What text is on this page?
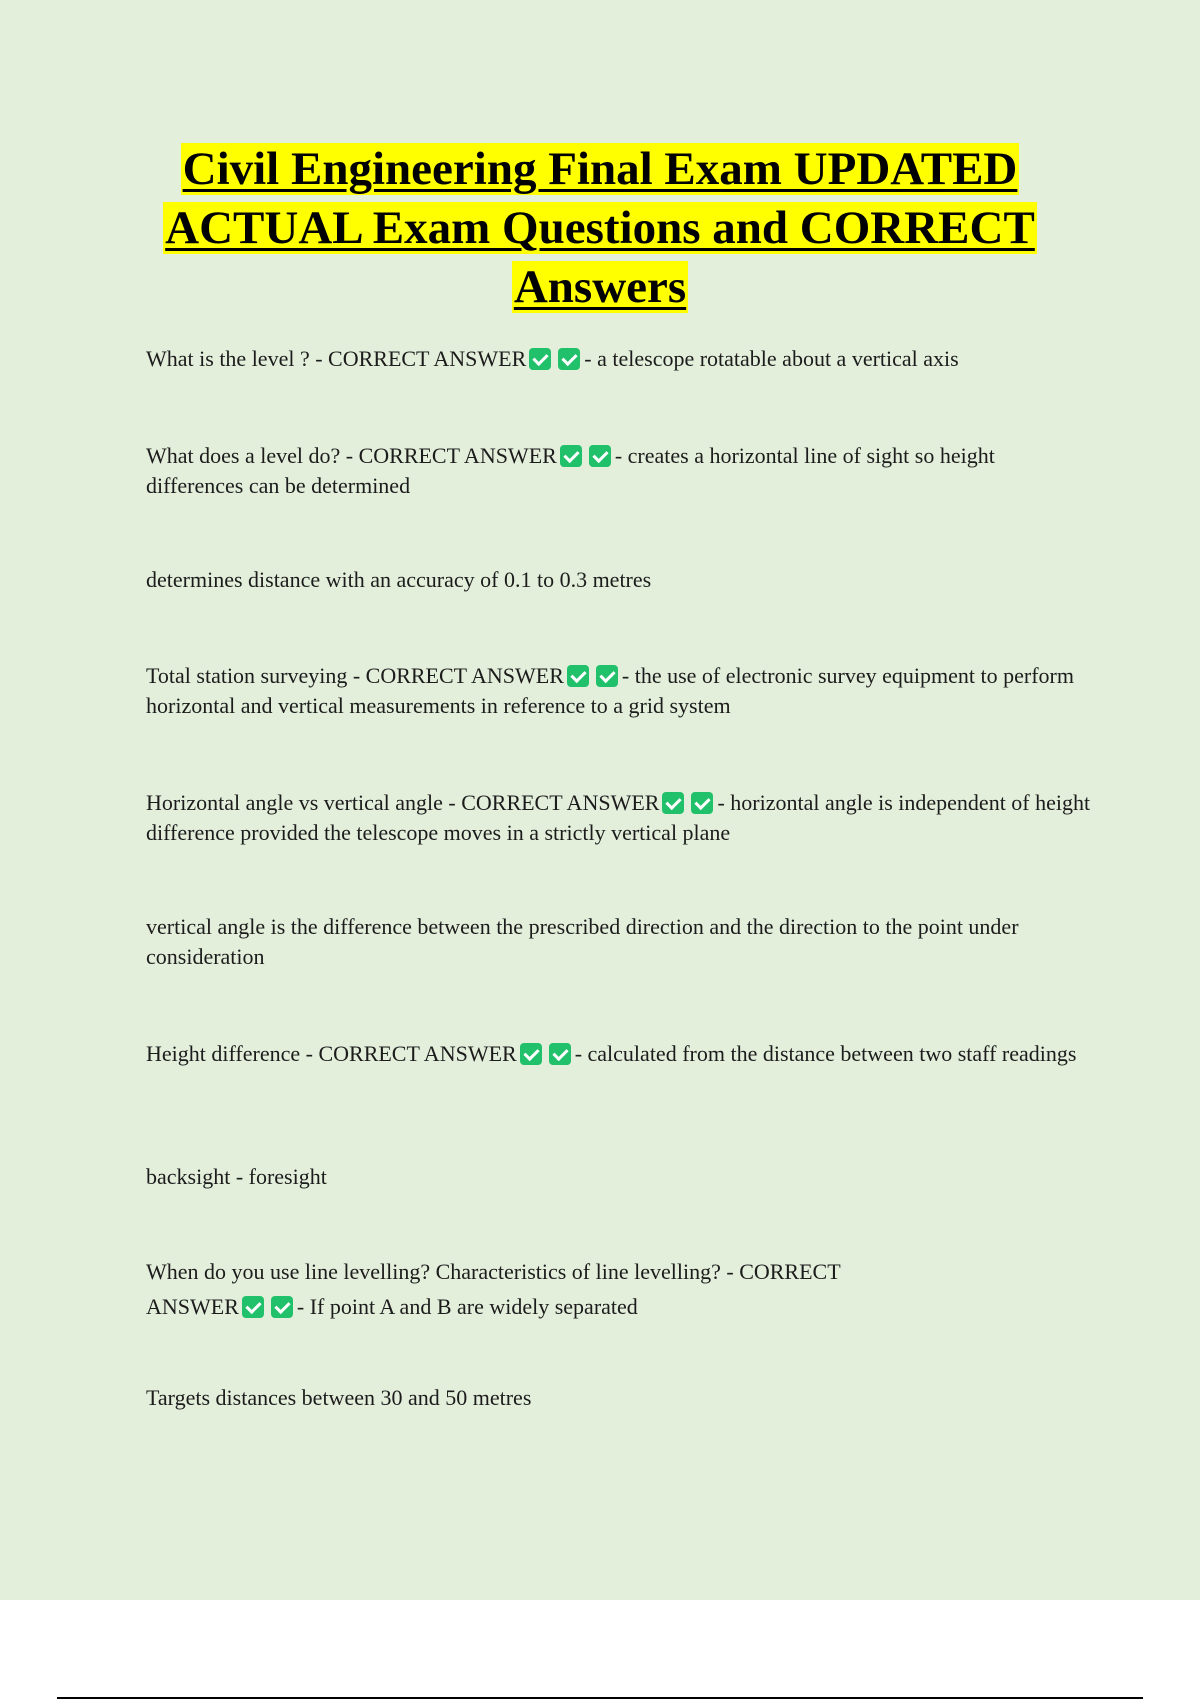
Civil Engineering Final Exam UPDATED ACTUAL Exam Questions and CORRECT Answers

What is the level ? - CORRECT ANSWER	- a telescope rotatable about a vertical axis

What does a level do? - CORRECT ANSWER	- creates a horizontal line of sight so height differences can be determined

determines distance with an accuracy of 0.1 to 0.3 metres

Total station surveying - CORRECT ANSWER	- the use of electronic survey equipment to perform horizontal and vertical measurements in reference to a grid system

Horizontal angle vs vertical angle - CORRECT ANSWER	- horizontal angle is independent of height difference provided the telescope moves in a strictly vertical plane

vertical angle is the difference between the prescribed direction and the direction to the point under consideration

Height difference - CORRECT ANSWER	- calculated from the distance between two staff readings

backsight - foresight

When do you use line levelling? Characteristics of line levelling? - CORRECT ANSWER	- If point A and B are widely separated

Targets distances between 30 and 50 metres
